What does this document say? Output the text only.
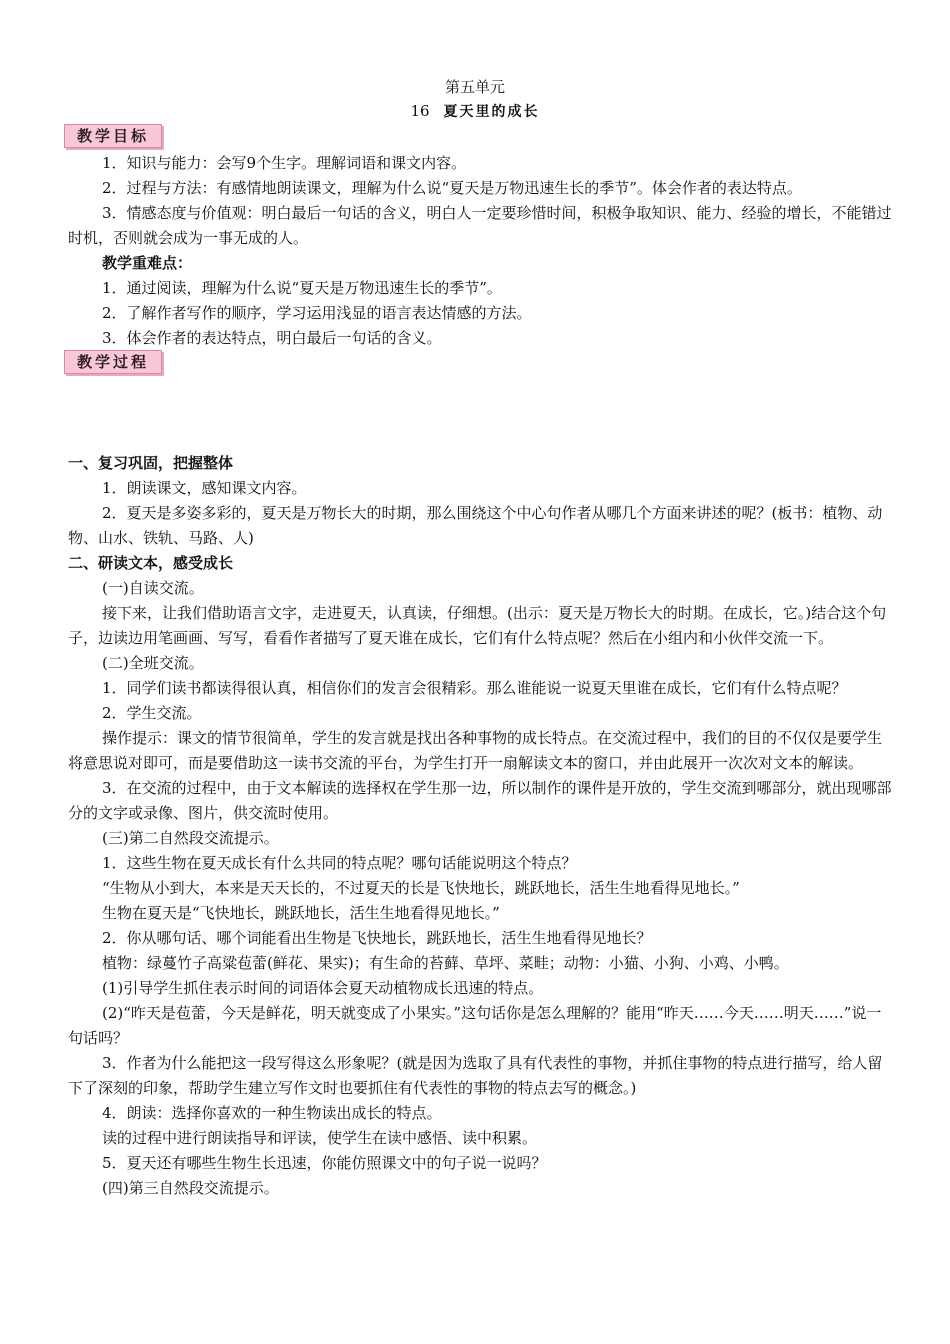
第五单元
16 夏天里的成长
教学目标

1．知识与能力：会写9个生字。理解词语和课文内容。

2．过程与方法：有感情地朗读课文，理解为什么说“夏天是万物迅速生长的季节”。体会作者的表达特点。

3．情感态度与价值观：明白最后一句话的含义，明白人一定要珍惜时间，积极争取知识、能力、经验的增长，不能错过时机，否则就会成为一事无成的人。

教学重难点：

1．通过阅读，理解为什么说“夏天是万物迅速生长的季节”。

2．了解作者写作的顺序，学习运用浅显的语言表达情感的方法。

3．体会作者的表达特点，明白最后一句话的含义。

教学过程

一、复习巩固，把握整体

1．朗读课文，感知课文内容。

2．夏天是多姿多彩的，夏天是万物长大的时期，那么围绕这个中心句作者从哪几个方面来讲述的呢？(板书：植物、动物、山水、铁轨、马路、人)

二、研读文本，感受成长

(一)自读交流。

接下来，让我们借助语言文字，走进夏天，认真读，仔细想。(出示：夏天是万物长大的时期。在成长，它。)结合这个句子，边读边用笔画画、写写，看看作者描写了夏天谁在成长，它们有什么特点呢？然后在小组内和小伙伴交流一下。

(二)全班交流。

1．同学们读书都读得很认真，相信你们的发言会很精彩。那么谁能说一说夏天里谁在成长，它们有什么特点呢？

2．学生交流。

操作提示：课文的情节很简单，学生的发言就是找出各种事物的成长特点。在交流过程中，我们的目的不仅仅是要学生将意思说对即可，而是要借助这一读书交流的平台，为学生打开一扇解读文本的窗口，并由此展开一次次对文本的解读。

3．在交流的过程中，由于文本解读的选择权在学生那一边，所以制作的课件是开放的，学生交流到哪部分，就出现哪部分的文字或录像、图片，供交流时使用。

(三)第二自然段交流提示。

1．这些生物在夏天成长有什么共同的特点呢？哪句话能说明这个特点？

“生物从小到大，本来是天天长的，不过夏天的长是飞快地长，跳跃地长，活生生地看得见地长。”

生物在夏天是“飞快地长，跳跃地长，活生生地看得见地长。”

2．你从哪句话、哪个词能看出生物是飞快地长，跳跃地长，活生生地看得见地长？

植物：绿蔓竹子高粱苞蕾(鲜花、果实)；有生命的苔藓、草坪、菜畦；动物：小猫、小狗、小鸡、小鸭。

(1)引导学生抓住表示时间的词语体会夏天动植物成长迅速的特点。

(2)“昨天是苞蕾，今天是鲜花，明天就变成了小果实。”这句话你是怎么理解的？能用“昨天……今天……明天……”说一句话吗？

3．作者为什么能把这一段写得这么形象呢？(就是因为选取了具有代表性的事物，并抓住事物的特点进行描写，给人留下了深刻的印象，帮助学生建立写作文时也要抓住有代表性的事物的特点去写的概念。)

4．朗读：选择你喜欢的一种生物读出成长的特点。

读的过程中进行朗读指导和评读，使学生在读中感悟、读中积累。

5．夏天还有哪些生物生长迅速，你能仿照课文中的句子说一说吗？

(四)第三自然段交流提示。
